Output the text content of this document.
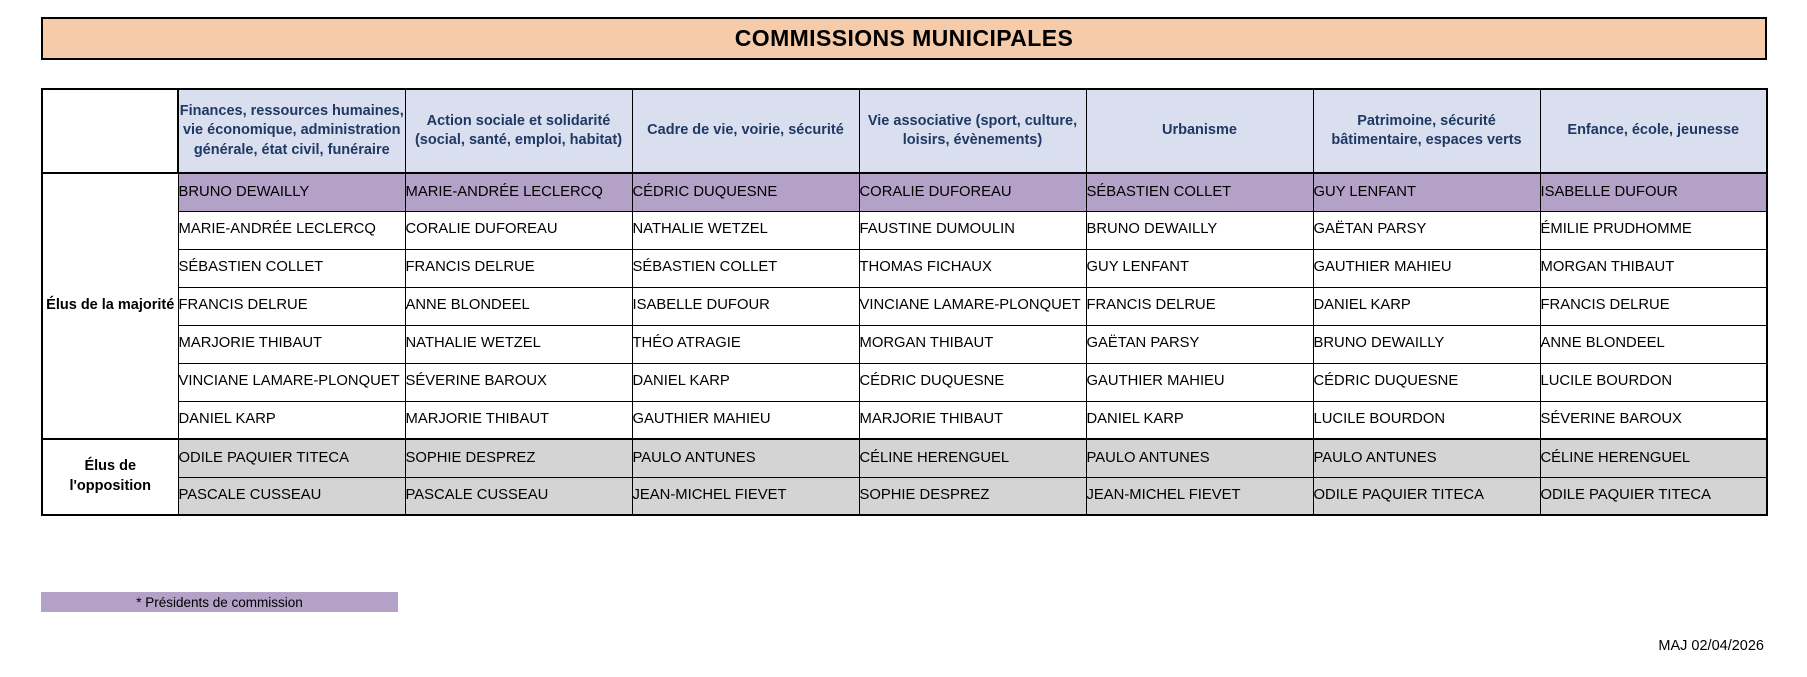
COMMISSIONS MUNICIPALES
	Finances, ressources humaines, vie économique, administration générale, état civil, funéraire	Action sociale et solidarité (social, santé, emploi, habitat)	Cadre de vie, voirie, sécurité	Vie associative (sport, culture, loisirs, évènements)	Urbanisme	Patrimoine, sécurité bâtimentaire, espaces verts	Enfance, école, jeunesse
Élus de la majorité	BRUNO DEWAILLY	MARIE-ANDRÉE LECLERCQ	CÉDRIC DUQUESNE	CORALIE DUFOREAU	SÉBASTIEN COLLET	GUY LENFANT	ISABELLE DUFOUR
	MARIE-ANDRÉE LECLERCQ	CORALIE DUFOREAU	NATHALIE WETZEL	FAUSTINE DUMOULIN	BRUNO DEWAILLY	GAËTAN PARSY	ÉMILIE PRUDHOMME
	SÉBASTIEN COLLET	FRANCIS DELRUE	SÉBASTIEN COLLET	THOMAS FICHAUX	GUY LENFANT	GAUTHIER MAHIEU	MORGAN THIBAUT
	FRANCIS DELRUE	ANNE BLONDEEL	ISABELLE DUFOUR	VINCIANE LAMARE-PLONQUET	FRANCIS DELRUE	DANIEL KARP	FRANCIS DELRUE
	MARJORIE THIBAUT	NATHALIE WETZEL	THÉO ATRAGIE	MORGAN THIBAUT	GAËTAN PARSY	BRUNO DEWAILLY	ANNE BLONDEEL
	VINCIANE LAMARE-PLONQUET	SÉVERINE BAROUX	DANIEL KARP	CÉDRIC DUQUESNE	GAUTHIER MAHIEU	CÉDRIC DUQUESNE	LUCILE BOURDON
	DANIEL KARP	MARJORIE THIBAUT	GAUTHIER MAHIEU	MARJORIE THIBAUT	DANIEL KARP	LUCILE BOURDON	SÉVERINE BAROUX
Élus de l'opposition	ODILE PAQUIER TITECA	SOPHIE DESPREZ	PAULO ANTUNES	CÉLINE HERENGUEL	PAULO ANTUNES	PAULO ANTUNES	CÉLINE HERENGUEL
	PASCALE CUSSEAU	PASCALE CUSSEAU	JEAN-MICHEL FIEVET	SOPHIE DESPREZ	JEAN-MICHEL FIEVET	ODILE PAQUIER TITECA	ODILE PAQUIER TITECA
* Présidents de commission
MAJ 02/04/2026
